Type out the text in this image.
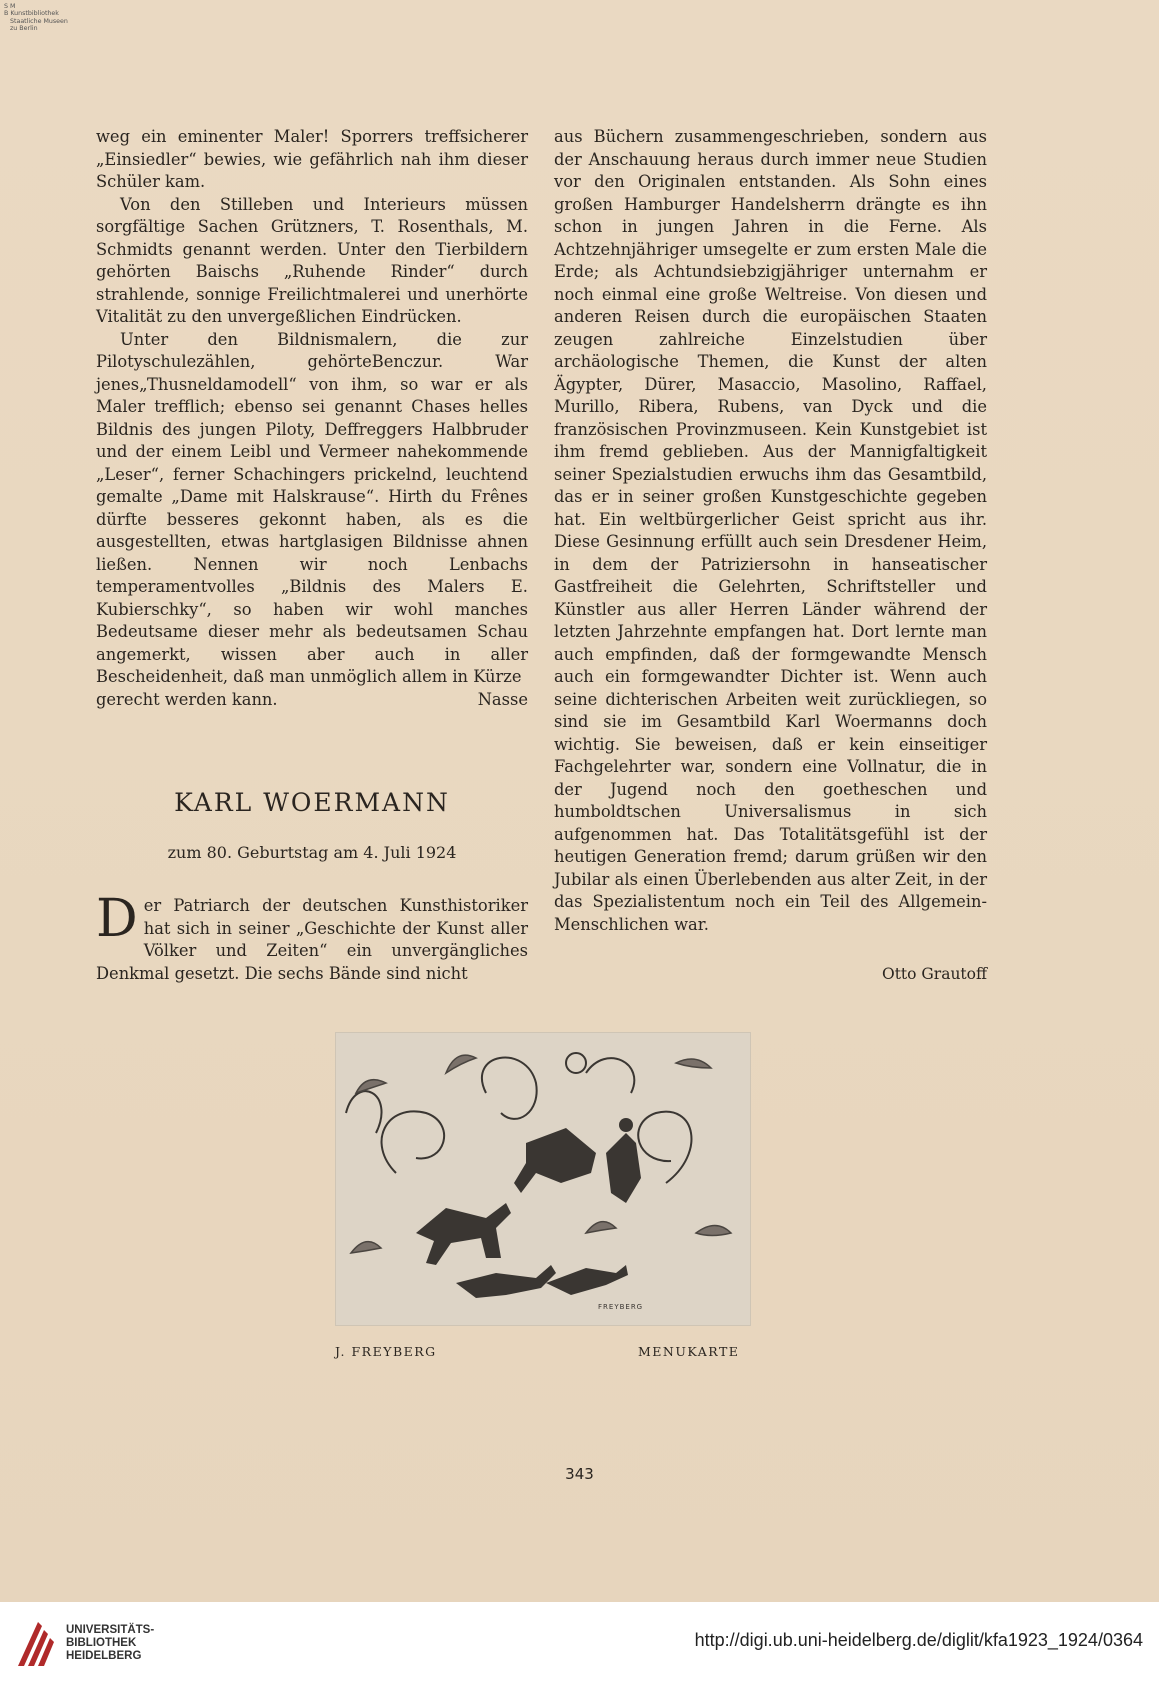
S M
B Kunstbibliothek
Staatliche Museen
zu Berlin

weg ein eminenter Maler! Sporrers treffsicherer „Einsiedler“ bewies, wie gefährlich nah ihm dieser Schüler kam.

Von den Stilleben und Interieurs müssen sorgfältige Sachen Grützners, T. Rosenthals, M. Schmidts genannt werden. Unter den Tierbildern gehörten Baischs „Ruhende Rinder“ durch strahlende, sonnige Freilichtmalerei und unerhörte Vitalität zu den unvergeßlichen Eindrücken.

Unter den Bildnismalern, die zur Pilotyschulezählen, gehörteBenczur. War jenes„Thusneldamodell“ von ihm, so war er als Maler trefflich; ebenso sei genannt Chases helles Bildnis des jungen Piloty, Deffreggers Halbbruder und der einem Leibl und Vermeer nahekommende „Leser“, ferner Schachingers prickelnd, leuchtend gemalte „Dame mit Halskrause“. Hirth du Frênes dürfte besseres gekonnt haben, als es die ausgestellten, etwas hartglasigen Bildnisse ahnen ließen. Nennen wir noch Lenbachs temperamentvolles „Bildnis des Malers E. Kubierschky“, so haben wir wohl manches Bedeutsame dieser mehr als bedeutsamen Schau angemerkt, wissen aber auch in aller Bescheidenheit, daß man unmöglich allem in Kürze

gerecht werden kann.	Nasse
KARL WOERMANN
zum 80. Geburtstag am 4. Juli 1924
Der Patriarch der deutschen Kunsthistoriker hat sich in seiner „Geschichte der Kunst aller Völker und Zeiten“ ein unvergängliches Denkmal gesetzt. Die sechs Bände sind nicht

aus Büchern zusammengeschrieben, sondern aus der Anschauung heraus durch immer neue Studien vor den Originalen entstanden. Als Sohn eines großen Hamburger Handelsherrn drängte es ihn schon in jungen Jahren in die Ferne. Als Achtzehnjähriger umsegelte er zum ersten Male die Erde; als Achtundsiebzigjähriger unternahm er noch einmal eine große Weltreise. Von diesen und anderen Reisen durch die europäischen Staaten zeugen zahlreiche Einzelstudien über archäologische Themen, die Kunst der alten Ägypter, Dürer, Masaccio, Masolino, Raffael, Murillo, Ribera, Rubens, van Dyck und die französischen Provinzmuseen. Kein Kunstgebiet ist ihm fremd geblieben. Aus der Mannigfaltigkeit seiner Spezialstudien erwuchs ihm das Gesamtbild, das er in seiner großen Kunstgeschichte gegeben hat. Ein weltbürgerlicher Geist spricht aus ihr. Diese Gesinnung erfüllt auch sein Dresdener Heim, in dem der Patriziersohn in hanseatischer Gastfreiheit die Gelehrten, Schriftsteller und Künstler aus aller Herren Länder während der letzten Jahrzehnte empfangen hat. Dort lernte man auch empfinden, daß der formgewandte Mensch auch ein formgewandter Dichter ist. Wenn auch seine dichterischen Arbeiten weit zurückliegen, so sind sie im Gesamtbild Karl Woermanns doch wichtig. Sie beweisen, daß er kein einseitiger Fachgelehrter war, sondern eine Vollnatur, die in der Jugend noch den goetheschen und humboldtschen Universalismus in sich aufgenommen hat. Das Totalitätsgefühl ist der heutigen Generation fremd; darum grüßen wir den Jubilar als einen Überlebenden aus alter Zeit, in der das Spezialistentum noch ein Teil des Allgemein-Menschlichen war.

Otto Grautoff
FREYBERG
J. FREYBERG	MENUKARTE
343
UNIVERSITÄTS-
BIBLIOTHEK
HEIDELBERG
http://digi.ub.uni-heidelberg.de/diglit/kfa1923_1924/0364
